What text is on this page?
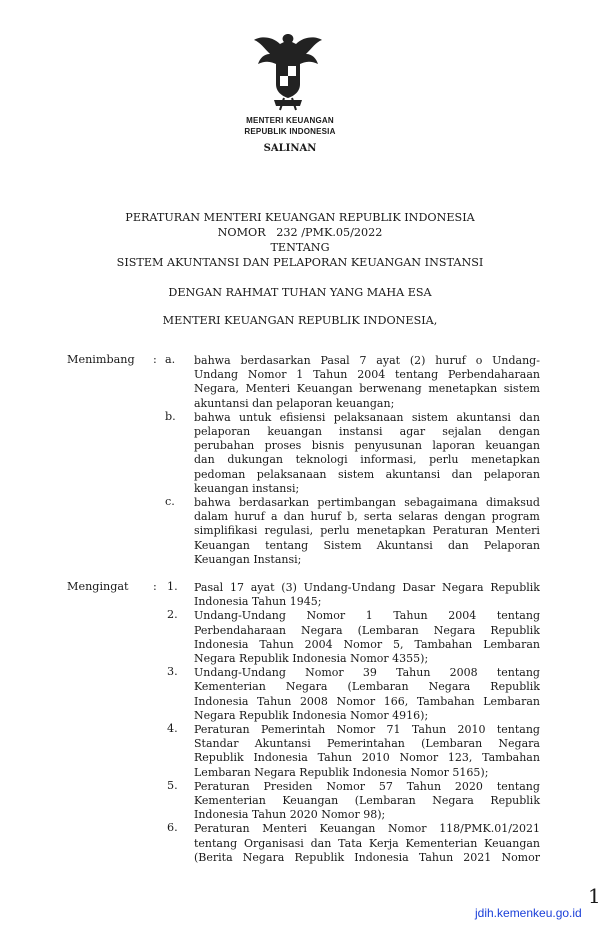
MENTERI KEUANGAN
REPUBLIK INDONESIA
SALINAN
PERATURAN MENTERI KEUANGAN REPUBLIK INDONESIA
NOMOR   232 /PMK.05/2022
TENTANG
SISTEM AKUNTANSI DAN PELAPORAN KEUANGAN INSTANSI
DENGAN RAHMAT TUHAN YANG MAHA ESA
MENTERI KEUANGAN REPUBLIK INDONESIA,
Menimbang : a. bahwa berdasarkan Pasal 7 ayat (2) huruf o Undang-
Undang Nomor 1 Tahun 2004 tentang Perbendaharaan
Negara, Menteri Keuangan berwenang menetapkan sistem
akuntansi dan pelaporan keuangan;
b. bahwa untuk efisiensi pelaksanaan sistem akuntansi dan
pelaporan keuangan instansi agar sejalan dengan
perubahan proses bisnis penyusunan laporan keuangan
dan dukungan teknologi informasi, perlu menetapkan
pedoman pelaksanaan sistem akuntansi dan pelaporan
keuangan instansi;
c. bahwa berdasarkan pertimbangan sebagaimana dimaksud
dalam huruf a dan huruf b, serta selaras dengan program
simplifikasi regulasi, perlu menetapkan Peraturan Menteri
Keuangan tentang Sistem Akuntansi dan Pelaporan
Keuangan Instansi;
Mengingat : 1. Pasal 17 ayat (3) Undang-Undang Dasar Negara Republik
Indonesia Tahun 1945;
2. Undang-Undang Nomor 1 Tahun 2004 tentang
Perbendaharaan Negara (Lembaran Negara Republik
Indonesia Tahun 2004 Nomor 5, Tambahan Lembaran
Negara Republik Indonesia Nomor 4355);
3. Undang-Undang Nomor 39 Tahun 2008 tentang
Kementerian Negara (Lembaran Negara Republik
Indonesia Tahun 2008 Nomor 166, Tambahan Lembaran
Negara Republik Indonesia Nomor 4916);
4. Peraturan Pemerintah Nomor 71 Tahun 2010 tentang
Standar Akuntansi Pemerintahan (Lembaran Negara
Republik Indonesia Tahun 2010 Nomor 123, Tambahan
Lembaran Negara Republik Indonesia Nomor 5165);
5. Peraturan Presiden Nomor 57 Tahun 2020 tentang
Kementerian Keuangan (Lembaran Negara Republik
Indonesia Tahun 2020 Nomor 98);
6. Peraturan Menteri Keuangan Nomor 118/PMK.01/2021
tentang Organisasi dan Tata Kerja Kementerian Keuangan
(Berita Negara Republik Indonesia Tahun 2021 Nomor
1
jdih.kemenkeu.go.id
